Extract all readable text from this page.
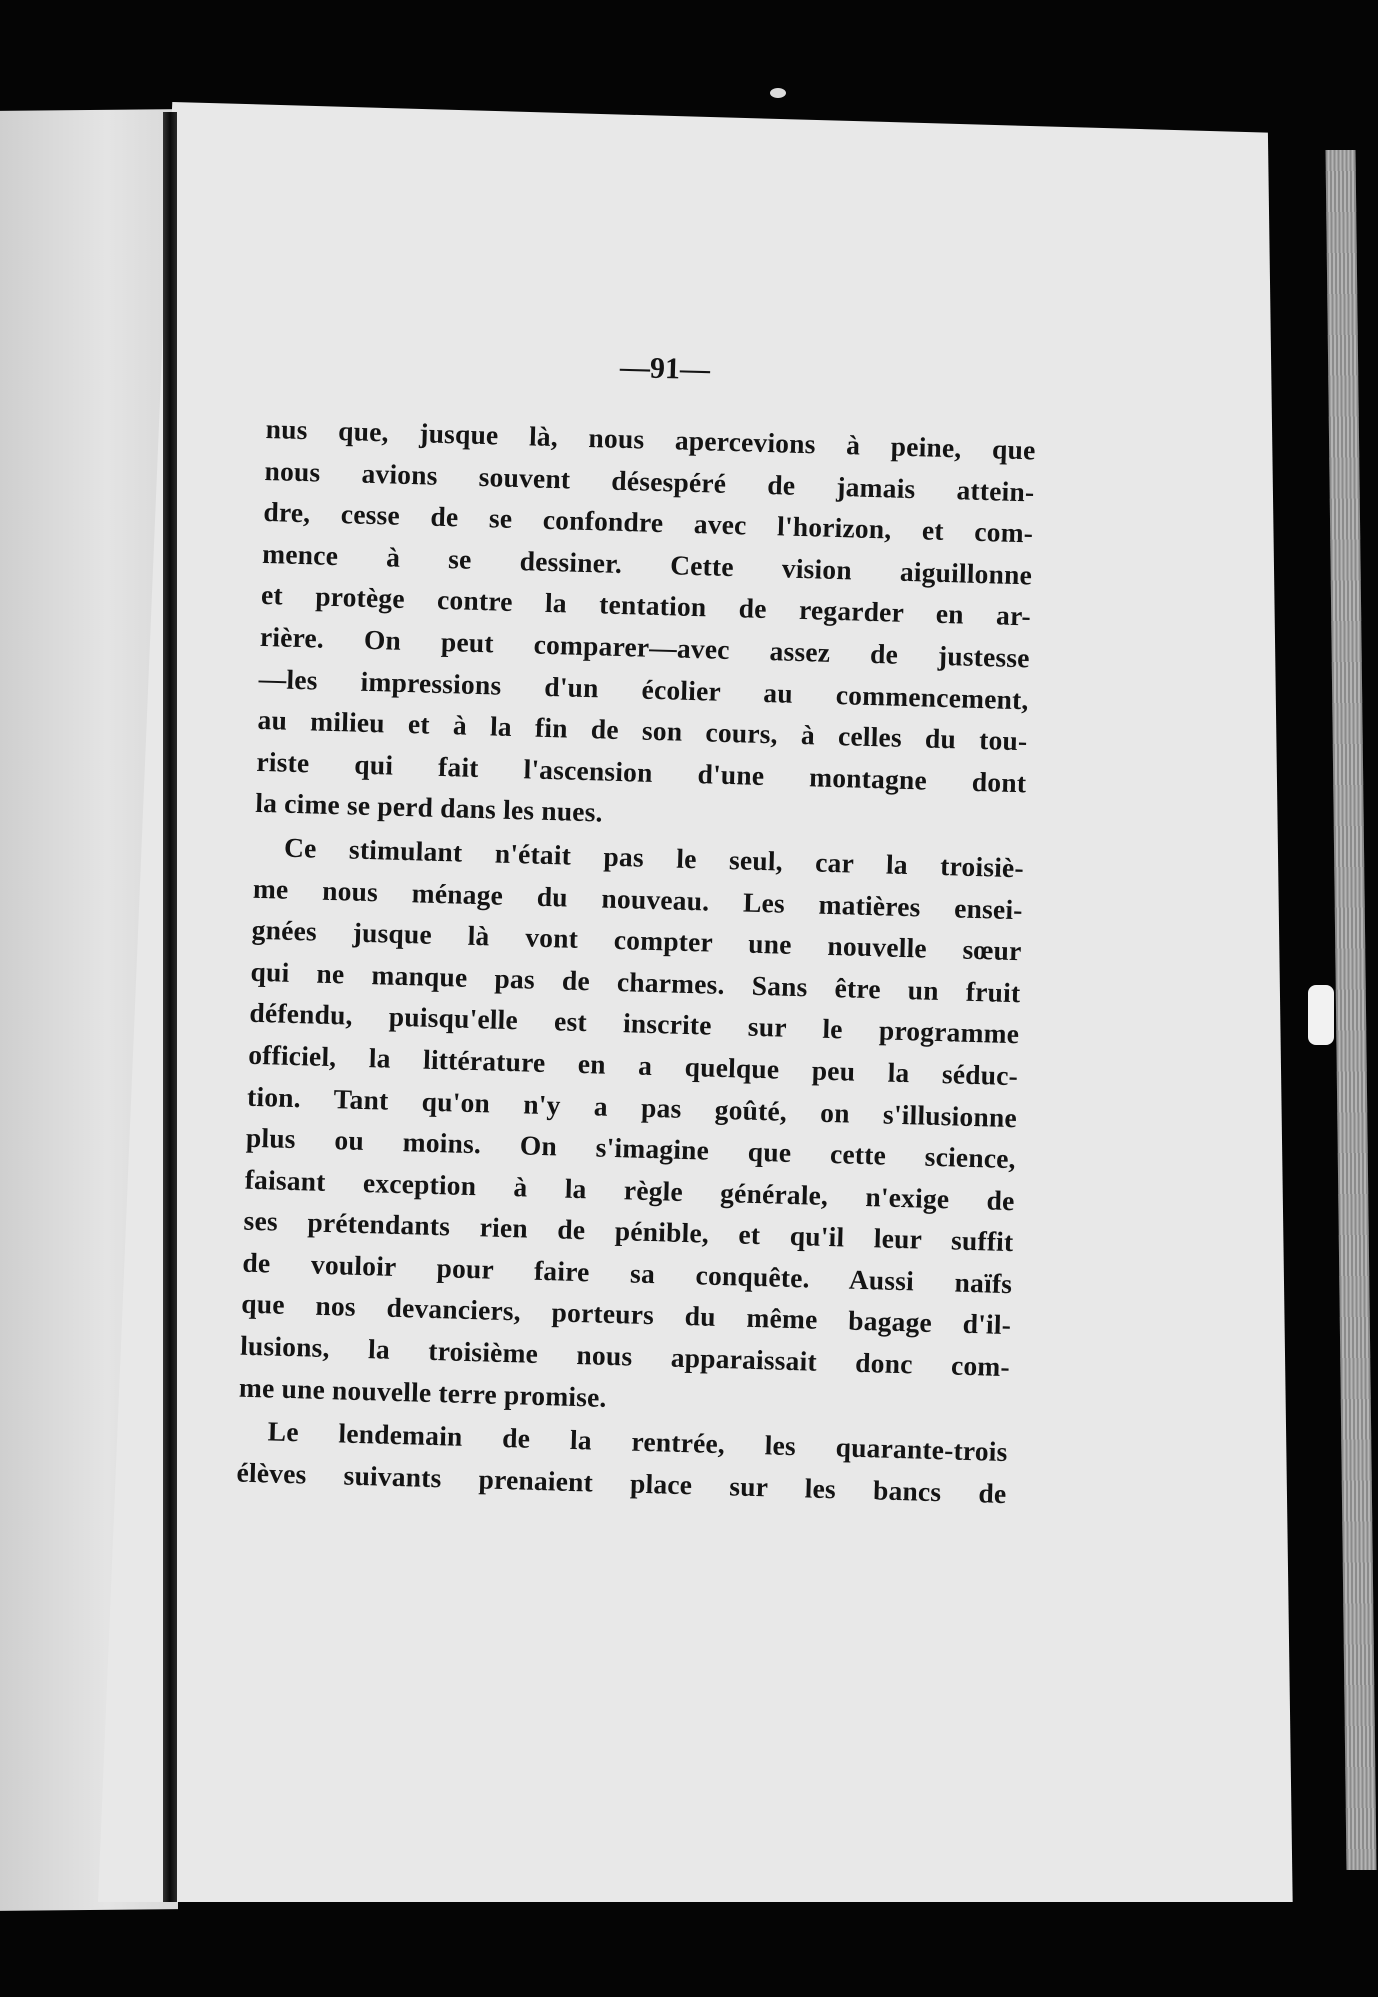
—91—
nus que, jusque là, nous apercevions à peine, que
nous avions souvent désespéré de jamais attein-
dre, cesse de se confondre avec l'horizon, et com-
mence à se dessiner. Cette vision aiguillonne
et protège contre la tentation de regarder en ar-
rière. On peut comparer—avec assez de justesse
—les impressions d'un écolier au commencement,
au milieu et à la fin de son cours, à celles du tou-
riste qui fait l'ascension d'une montagne dont
la cime se perd dans les nues.
Ce stimulant n'était pas le seul, car la troisiè-
me nous ménage du nouveau. Les matières ensei-
gnées jusque là vont compter une nouvelle sœur
qui ne manque pas de charmes. Sans être un fruit
défendu, puisqu'elle est inscrite sur le programme
officiel, la littérature en a quelque peu la séduc-
tion. Tant qu'on n'y a pas goûté, on s'illusionne
plus ou moins. On s'imagine que cette science,
faisant exception à la règle générale, n'exige de
ses prétendants rien de pénible, et qu'il leur suffit
de vouloir pour faire sa conquête. Aussi naïfs
que nos devanciers, porteurs du même bagage d'il-
lusions, la troisième nous apparaissait donc com-
me une nouvelle terre promise.
Le lendemain de la rentrée, les quarante-trois
élèves suivants prenaient place sur les bancs de
